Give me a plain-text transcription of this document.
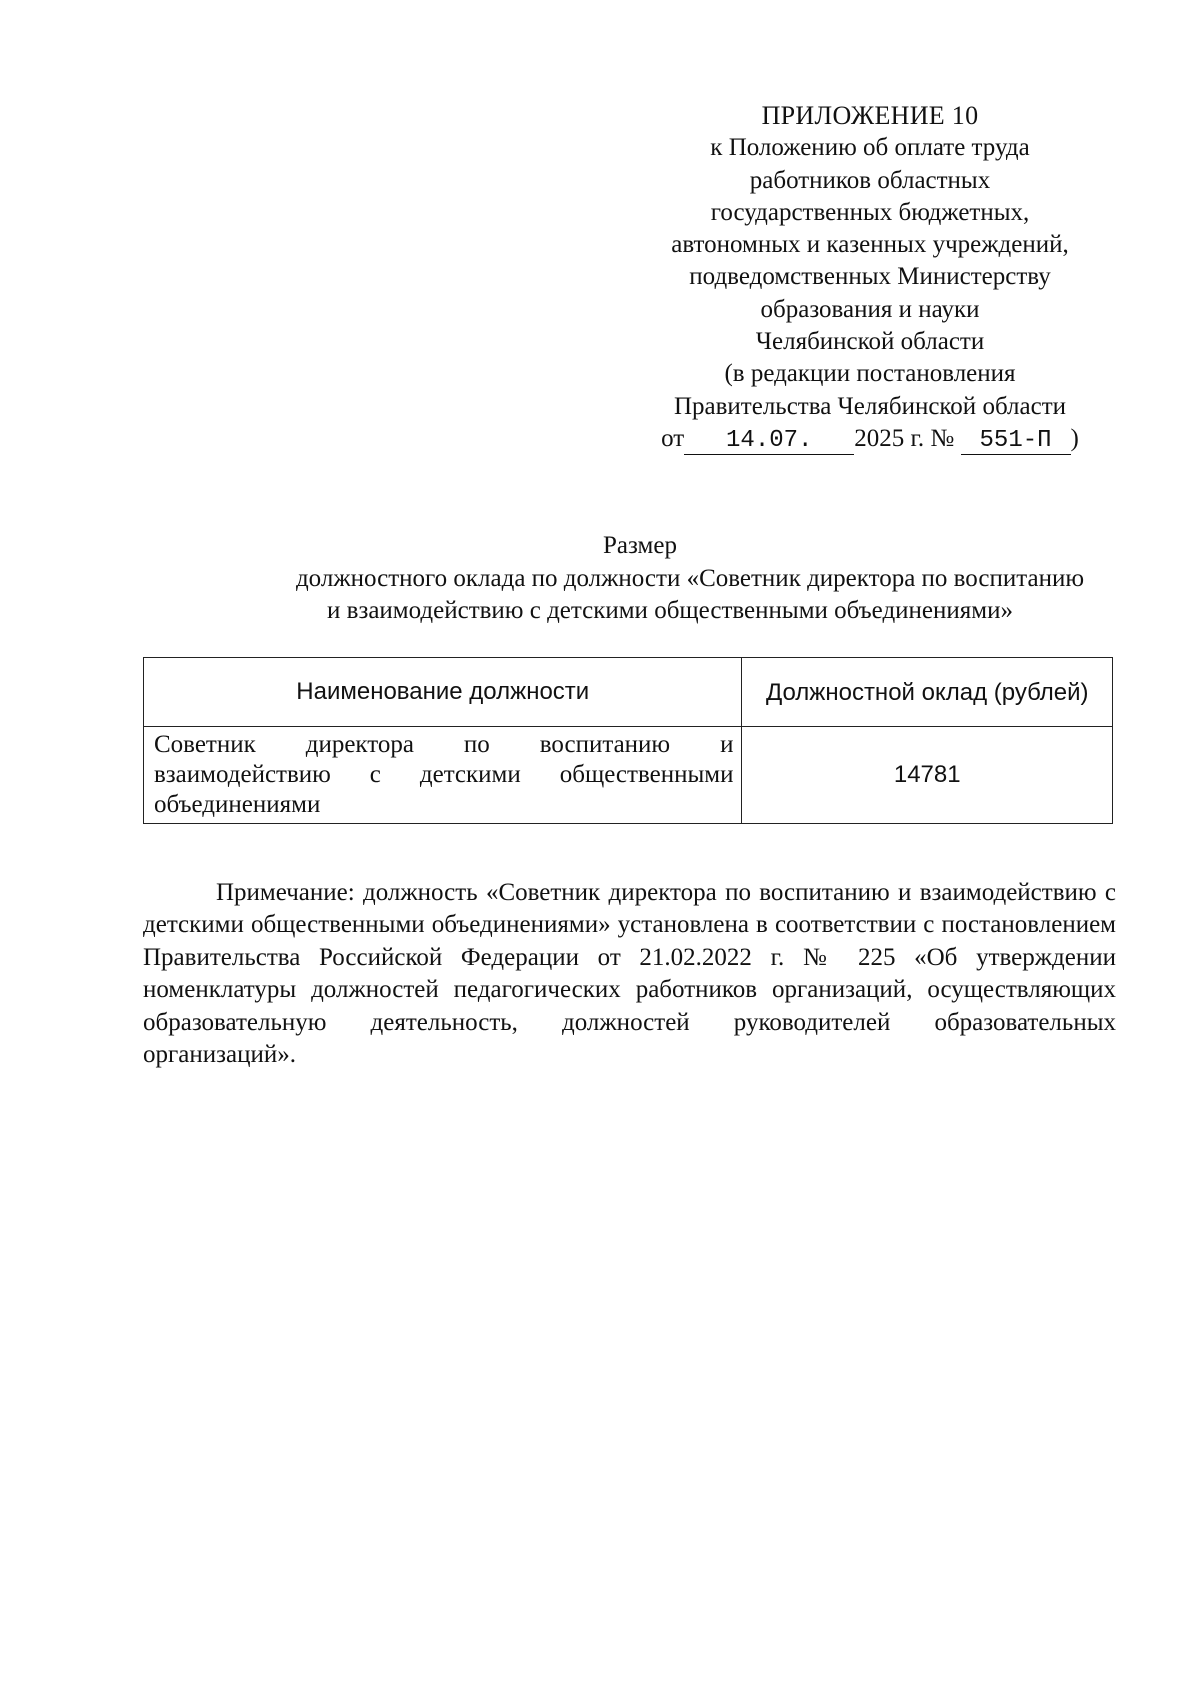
ПРИЛОЖЕНИЕ 10
к Положению об оплате труда
работников областных
государственных бюджетных,
автономных и казенных учреждений,
подведомственных Министерству
образования и науки
Челябинской области
(в редакции постановления
Правительства Челябинской области
от 14.07. 2025 г. № 551-П )
Размер
должностного оклада по должности «Советник директора по воспитанию
и взаимодействию с детскими общественными объединениями»
Наименование должности	Должностной оклад (рублей)
Советник директора по воспитанию и взаимодействию с детскими общественными объединениями	14781

Примечание: должность «Советник директора по воспитанию и взаимодействию с детскими общественными объединениями» установлена в соответствии с постановлением Правительства Российской Федерации от 21.02.2022 г. № 225 «Об утверждении номенклатуры должностей педагогических работников организаций, осуществляющих образовательную деятельность, должностей руководителей образовательных организаций».
